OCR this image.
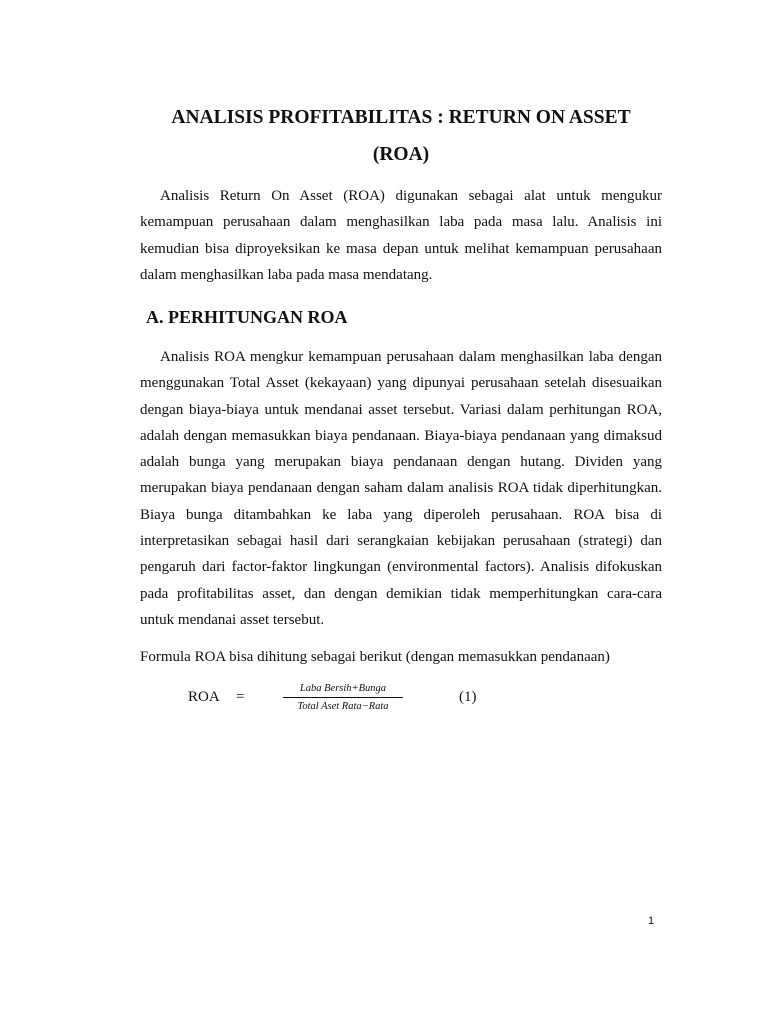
ANALISIS PROFITABILITAS : RETURN ON ASSET
(ROA)
Analisis Return On Asset (ROA) digunakan sebagai alat untuk mengukur
kemampuan perusahaan dalam menghasilkan laba pada masa lalu. Analisis ini
kemudian bisa diproyeksikan ke masa depan untuk melihat kemampuan perusahaan
dalam menghasilkan laba pada masa mendatang.
A. PERHITUNGAN ROA
Analisis ROA mengkur kemampuan perusahaan dalam menghasilkan laba dengan
menggunakan Total Asset (kekayaan) yang dipunyai perusahaan setelah disesuaikan
dengan biaya-biaya untuk mendanai asset tersebut. Variasi dalam perhitungan ROA,
adalah dengan memasukkan biaya pendanaan. Biaya-biaya pendanaan yang dimaksud
adalah bunga yang merupakan biaya pendanaan dengan hutang. Dividen yang
merupakan biaya pendanaan dengan saham dalam analisis ROA tidak diperhitungkan.
Biaya bunga ditambahkan ke laba yang diperoleh perusahaan. ROA bisa di
interpretasikan sebagai hasil dari serangkaian kebijakan perusahaan (strategi) dan
pengaruh dari factor-faktor lingkungan (environmental factors). Analisis difokuskan
pada profitabilitas asset, dan dengan demikian tidak memperhitungkan cara-cara
untuk mendanai asset tersebut.
Formula ROA bisa dihitung sebagai berikut (dengan memasukkan pendanaan)
ROA =
Laba Bersih+Bunga
Total Aset Rata−Rata
(1)
1
